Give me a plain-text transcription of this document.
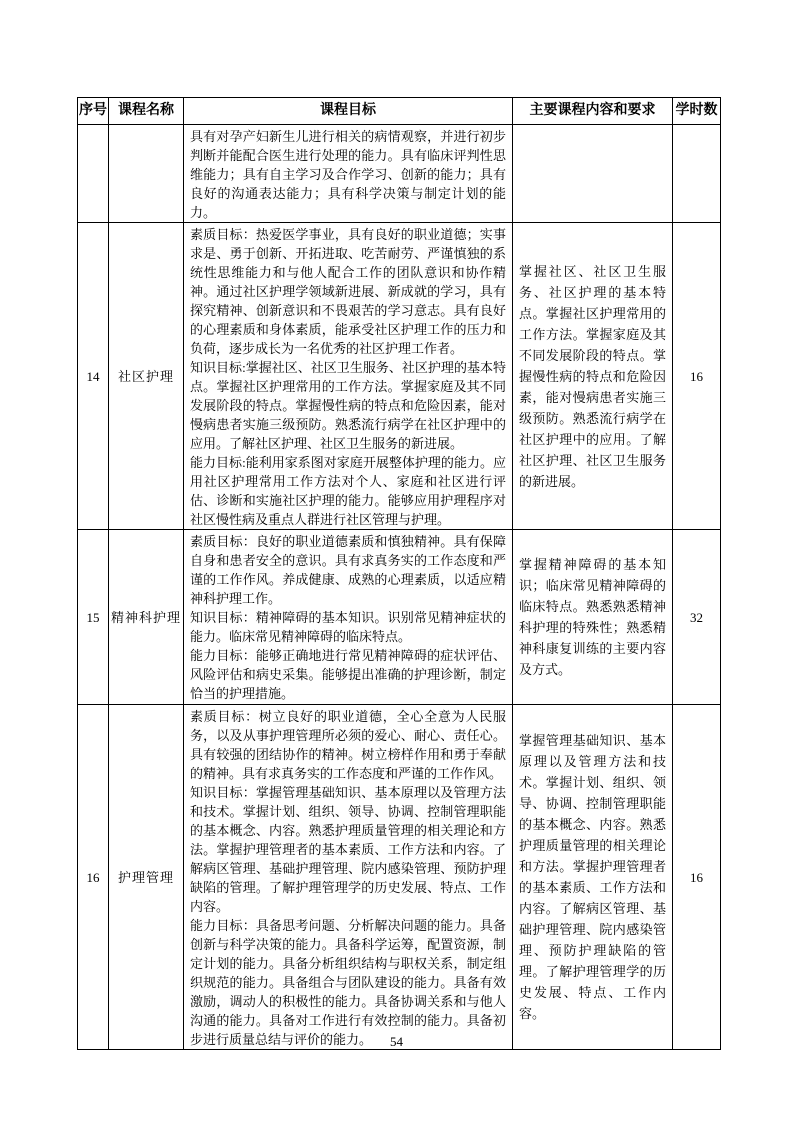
序号	课程名称	课程目标	主要课程内容和要求	学时数

		具有对孕产妇新生儿进行相关的病情观察，并进行初步判断并能配合医生进行处理的能力。具有临床评判性思维能力；具有自主学习及合作学习、创新的能力；具有良好的沟通表达能力；具有科学决策与制定计划的能力。		

14	社区护理	素质目标：热爱医学事业，具有良好的职业道德；实事求是、勇于创新、开拓进取、吃苦耐劳、严谨慎独的系统性思维能力和与他人配合工作的团队意识和协作精神。通过社区护理学领域新进展、新成就的学习，具有探究精神、创新意识和不畏艰苦的学习意志。具有良好的心理素质和身体素质，能承受社区护理工作的压力和负荷，逐步成长为一名优秀的社区护理工作者。

知识目标:掌握社区、社区卫生服务、社区护理的基本特点。掌握社区护理常用的工作方法。掌握家庭及其不同发展阶段的特点。掌握慢性病的特点和危险因素，能对慢病患者实施三级预防。熟悉流行病学在社区护理中的应用。了解社区护理、社区卫生服务的新进展。

能力目标:能利用家系图对家庭开展整体护理的能力。应用社区护理常用工作方法对个人、家庭和社区进行评估、诊断和实施社区护理的能力。能够应用护理程序对社区慢性病及重点人群进行社区管理与护理。	掌握社区、社区卫生服务、社区护理的基本特点。掌握社区护理常用的工作方法。掌握家庭及其不同发展阶段的特点。掌握慢性病的特点和危险因素，能对慢病患者实施三级预防。熟悉流行病学在社区护理中的应用。了解社区护理、社区卫生服务的新进展。	16
15	精神科护理	素质目标：良好的职业道德素质和慎独精神。具有保障自身和患者安全的意识。具有求真务实的工作态度和严谨的工作作风。养成健康、成熟的心理素质，以适应精神科护理工作。

知识目标：精神障碍的基本知识。识别常见精神症状的能力。临床常见精神障碍的临床特点。

能力目标：能够正确地进行常见精神障碍的症状评估、风险评估和病史采集。能够提出准确的护理诊断，制定恰当的护理措施。	掌握精神障碍的基本知识；临床常见精神障碍的临床特点。熟悉熟悉精神科护理的特殊性；熟悉精神科康复训练的主要内容及方式。	32
16	护理管理	素质目标：树立良好的职业道德，全心全意为人民服务，以及从事护理管理所必须的爱心、耐心、责任心。具有较强的团结协作的精神。树立榜样作用和勇于奉献的精神。具有求真务实的工作态度和严谨的工作作风。

知识目标：掌握管理基础知识、基本原理以及管理方法和技术。掌握计划、组织、领导、协调、控制管理职能的基本概念、内容。熟悉护理质量管理的相关理论和方法。掌握护理管理者的基本素质、工作方法和内容。了解病区管理、基础护理管理、院内感染管理、预防护理缺陷的管理。了解护理管理学的历史发展、特点、工作内容。

能力目标：具备思考问题、分析解决问题的能力。具备创新与科学决策的能力。具备科学运筹，配置资源，制定计划的能力。具备分析组织结构与职权关系，制定组织规范的能力。具备组合与团队建设的能力。具备有效激励，调动人的积极性的能力。具备协调关系和与他人沟通的能力。具备对工作进行有效控制的能力。具备初步进行质量总结与评价的能力。	掌握管理基础知识、基本原理以及管理方法和技术。掌握计划、组织、领导、协调、控制管理职能的基本概念、内容。熟悉护理质量管理的相关理论和方法。掌握护理管理者的基本素质、工作方法和内容。了解病区管理、基础护理管理、院内感染管理、预防护理缺陷的管理。了解护理管理学的历史发展、特点、工作内容。	16
54
